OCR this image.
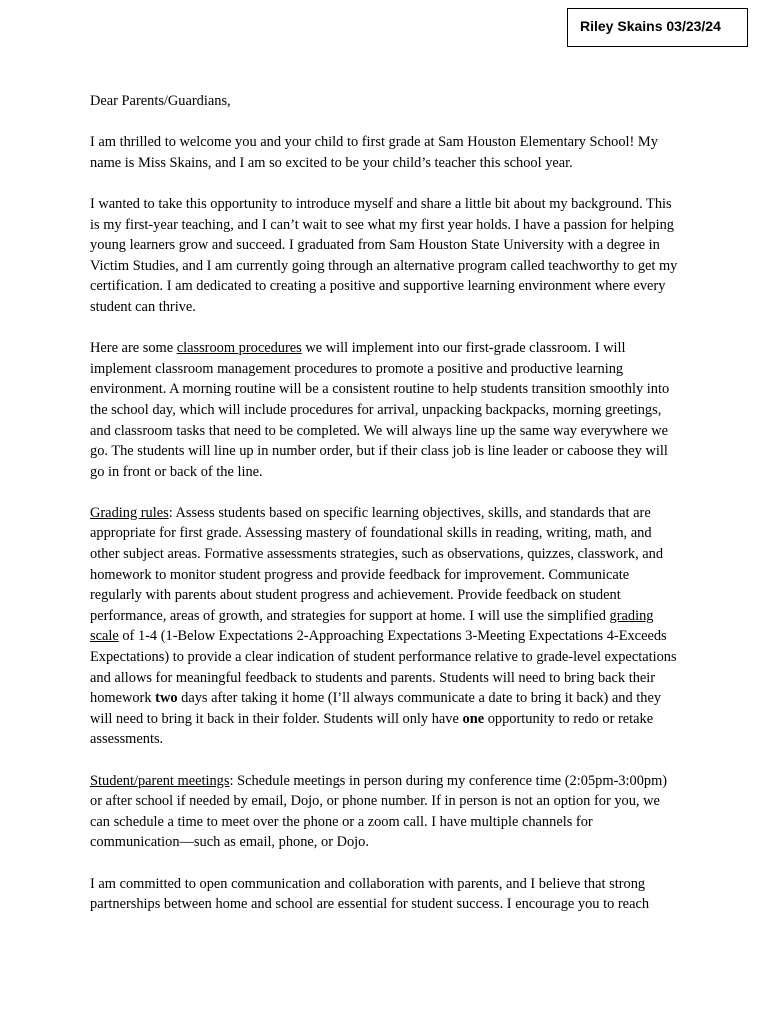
Riley Skains 03/23/24

Dear Parents/Guardians,

I am thrilled to welcome you and your child to first grade at Sam Houston Elementary School! My name is Miss Skains, and I am so excited to be your child’s teacher this school year.

I wanted to take this opportunity to introduce myself and share a little bit about my background. This is my first-year teaching, and I can’t wait to see what my first year holds. I have a passion for helping young learners grow and succeed. I graduated from Sam Houston State University with a degree in Victim Studies, and I am currently going through an alternative program called teachworthy to get my certification. I am dedicated to creating a positive and supportive learning environment where every student can thrive.

Here are some classroom procedures we will implement into our first-grade classroom. I will implement classroom management procedures to promote a positive and productive learning environment. A morning routine will be a consistent routine to help students transition smoothly into the school day, which will include procedures for arrival, unpacking backpacks, morning greetings, and classroom tasks that need to be completed. We will always line up the same way everywhere we go. The students will line up in number order, but if their class job is line leader or caboose they will go in front or back of the line.

Grading rules: Assess students based on specific learning objectives, skills, and standards that are appropriate for first grade. Assessing mastery of foundational skills in reading, writing, math, and other subject areas. Formative assessments strategies, such as observations, quizzes, classwork, and homework to monitor student progress and provide feedback for improvement. Communicate regularly with parents about student progress and achievement. Provide feedback on student performance, areas of growth, and strategies for support at home. I will use the simplified grading scale of 1-4 (1-Below Expectations 2-Approaching Expectations 3-Meeting Expectations 4-Exceeds Expectations) to provide a clear indication of student performance relative to grade-level expectations and allows for meaningful feedback to students and parents. Students will need to bring back their homework two days after taking it home (I’ll always communicate a date to bring it back) and they will need to bring it back in their folder. Students will only have one opportunity to redo or retake assessments.

Student/parent meetings: Schedule meetings in person during my conference time (2:05pm-3:00pm) or after school if needed by email, Dojo, or phone number. If in person is not an option for you, we can schedule a time to meet over the phone or a zoom call. I have multiple channels for communication—such as email, phone, or Dojo.

I am committed to open communication and collaboration with parents, and I believe that strong partnerships between home and school are essential for student success. I encourage you to reach
